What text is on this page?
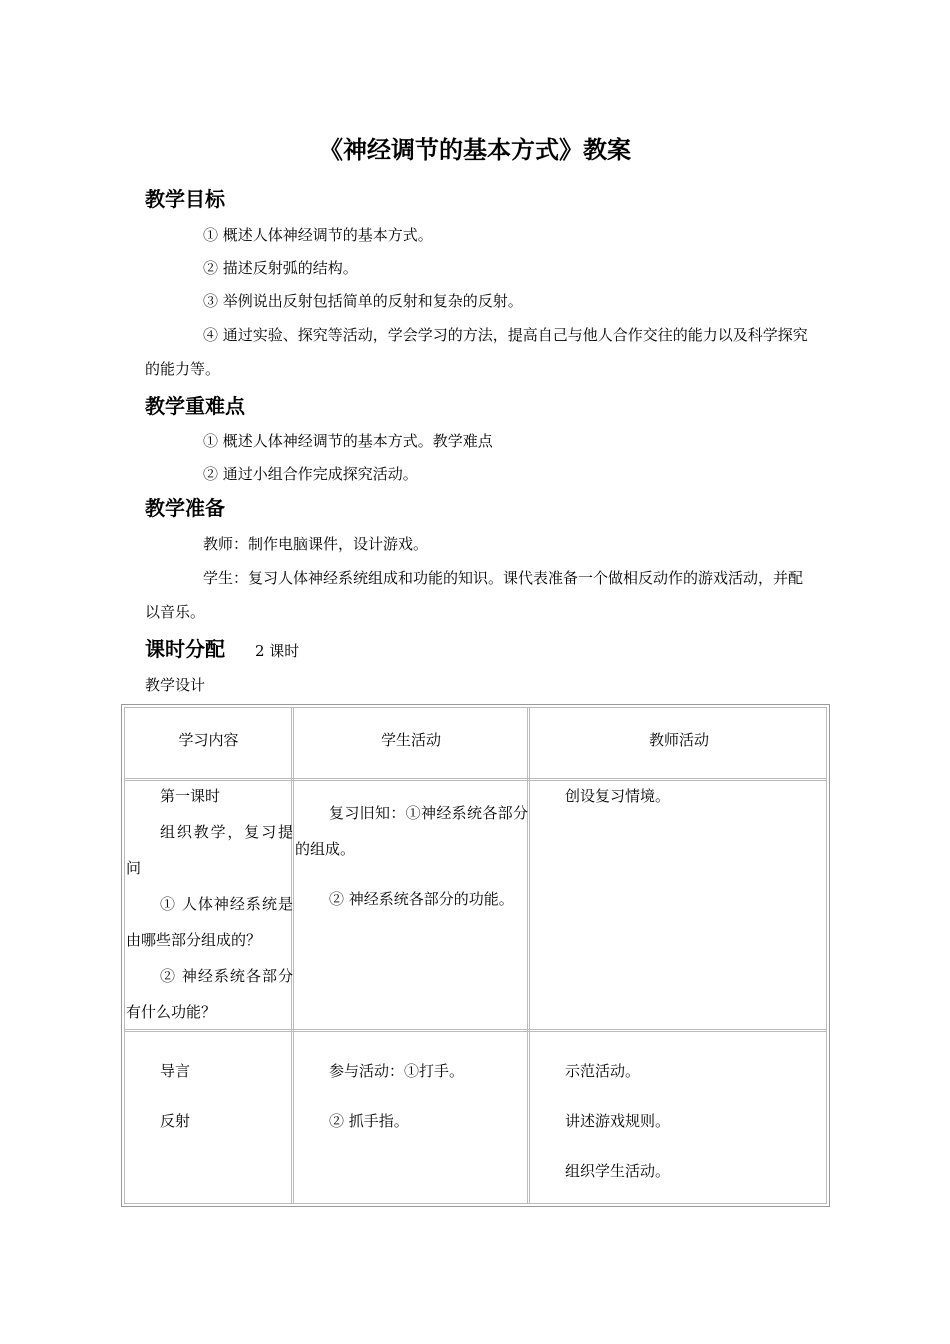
《神经调节的基本方式》教案
教学目标
① 概述人体神经调节的基本方式。
② 描述反射弧的结构。
③ 举例说出反射包括简单的反射和复杂的反射。
④ 通过实验、探究等活动，学会学习的方法，提高自己与他人合作交往的能力以及科学探究的能力等。
教学重难点
① 概述人体神经调节的基本方式。教学难点
② 通过小组合作完成探究活动。
教学准备
教师：制作电脑课件，设计游戏。
学生：复习人体神经系统组成和功能的知识。课代表准备一个做相反动作的游戏活动，并配以音乐。
课时分配 2 课时
教学设计
学习内容	学生活动	教师活动
第一课时
组织教学，复习提问
① 人体神经系统是由哪些部分组成的？
② 神经系统各部分有什么功能？
复习旧知：①神经系统各部分的组成。
② 神经系统各部分的功能。
创设复习情境。
导言
反射
参与活动：①打手。
② 抓手指。
示范活动。
讲述游戏规则。
组织学生活动。
